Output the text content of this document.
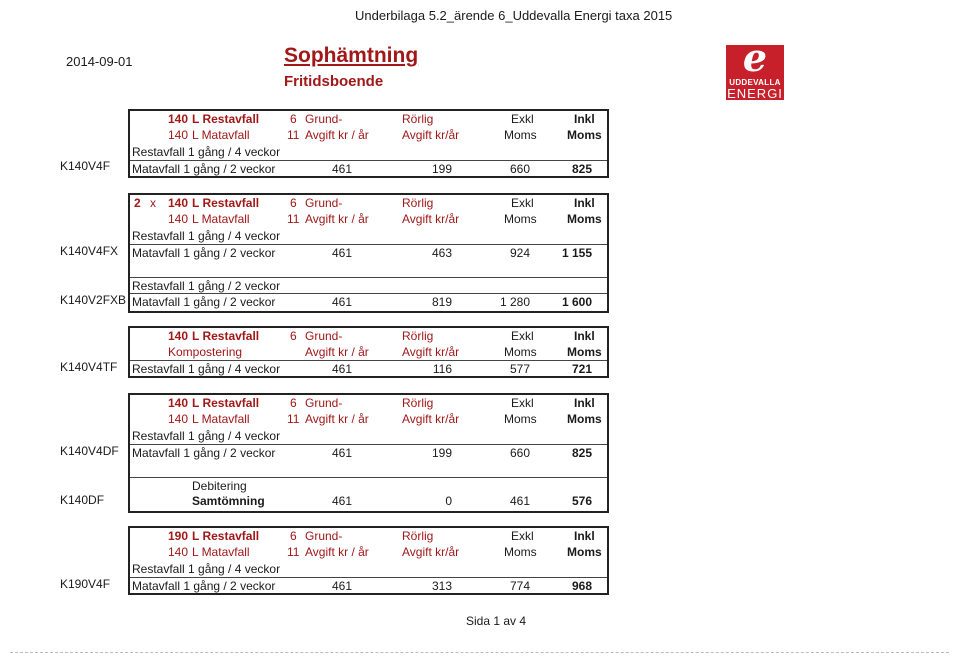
Underbilaga 5.2_ärende 6_Uddevalla Energi taxa 2015
2014-09-01	Sophämtning
Fritidsboende
e
UDDEVALLA
ENERGI
140 L Restavfall	6 Grund-	Rörlig	Exkl	Inkl
140 L Matavfall	11 Avgift kr / år	Avgift kr/år	Moms	Moms
Restavfall 1 gång / 4 veckor
Matavfall 1 gång / 2 veckor	461	199	660	825
K140V4F
2 x 140 L Restavfall	6 Grund-	Rörlig	Exkl	Inkl
140 L Matavfall	11 Avgift kr / år	Avgift kr/år	Moms	Moms
Restavfall 1 gång / 4 veckor
Matavfall 1 gång / 2 veckor	461	463	924	1 155
Restavfall 1 gång / 2 veckor
Matavfall 1 gång / 2 veckor	461	819	1 280	1 600
K140V4FX
K140V2FXB
140 L Restavfall	6 Grund-	Rörlig	Exkl	Inkl
Kompostering	Avgift kr / år	Avgift kr/år	Moms	Moms
Restavfall 1 gång / 4 veckor	461	116	577	721
K140V4TF
140 L Restavfall	6 Grund-	Rörlig	Exkl	Inkl
140 L Matavfall	11 Avgift kr / år	Avgift kr/år	Moms	Moms
Restavfall 1 gång / 4 veckor
Matavfall 1 gång / 2 veckor	461	199	660	825
Debitering
Samtömning	461	0	461	576
K140V4DF
K140DF
190 L Restavfall	6 Grund-	Rörlig	Exkl	Inkl
140 L Matavfall	11 Avgift kr / år	Avgift kr/år	Moms	Moms
Restavfall 1 gång / 4 veckor
Matavfall 1 gång / 2 veckor	461	313	774	968
K190V4F
Sida 1 av 4
